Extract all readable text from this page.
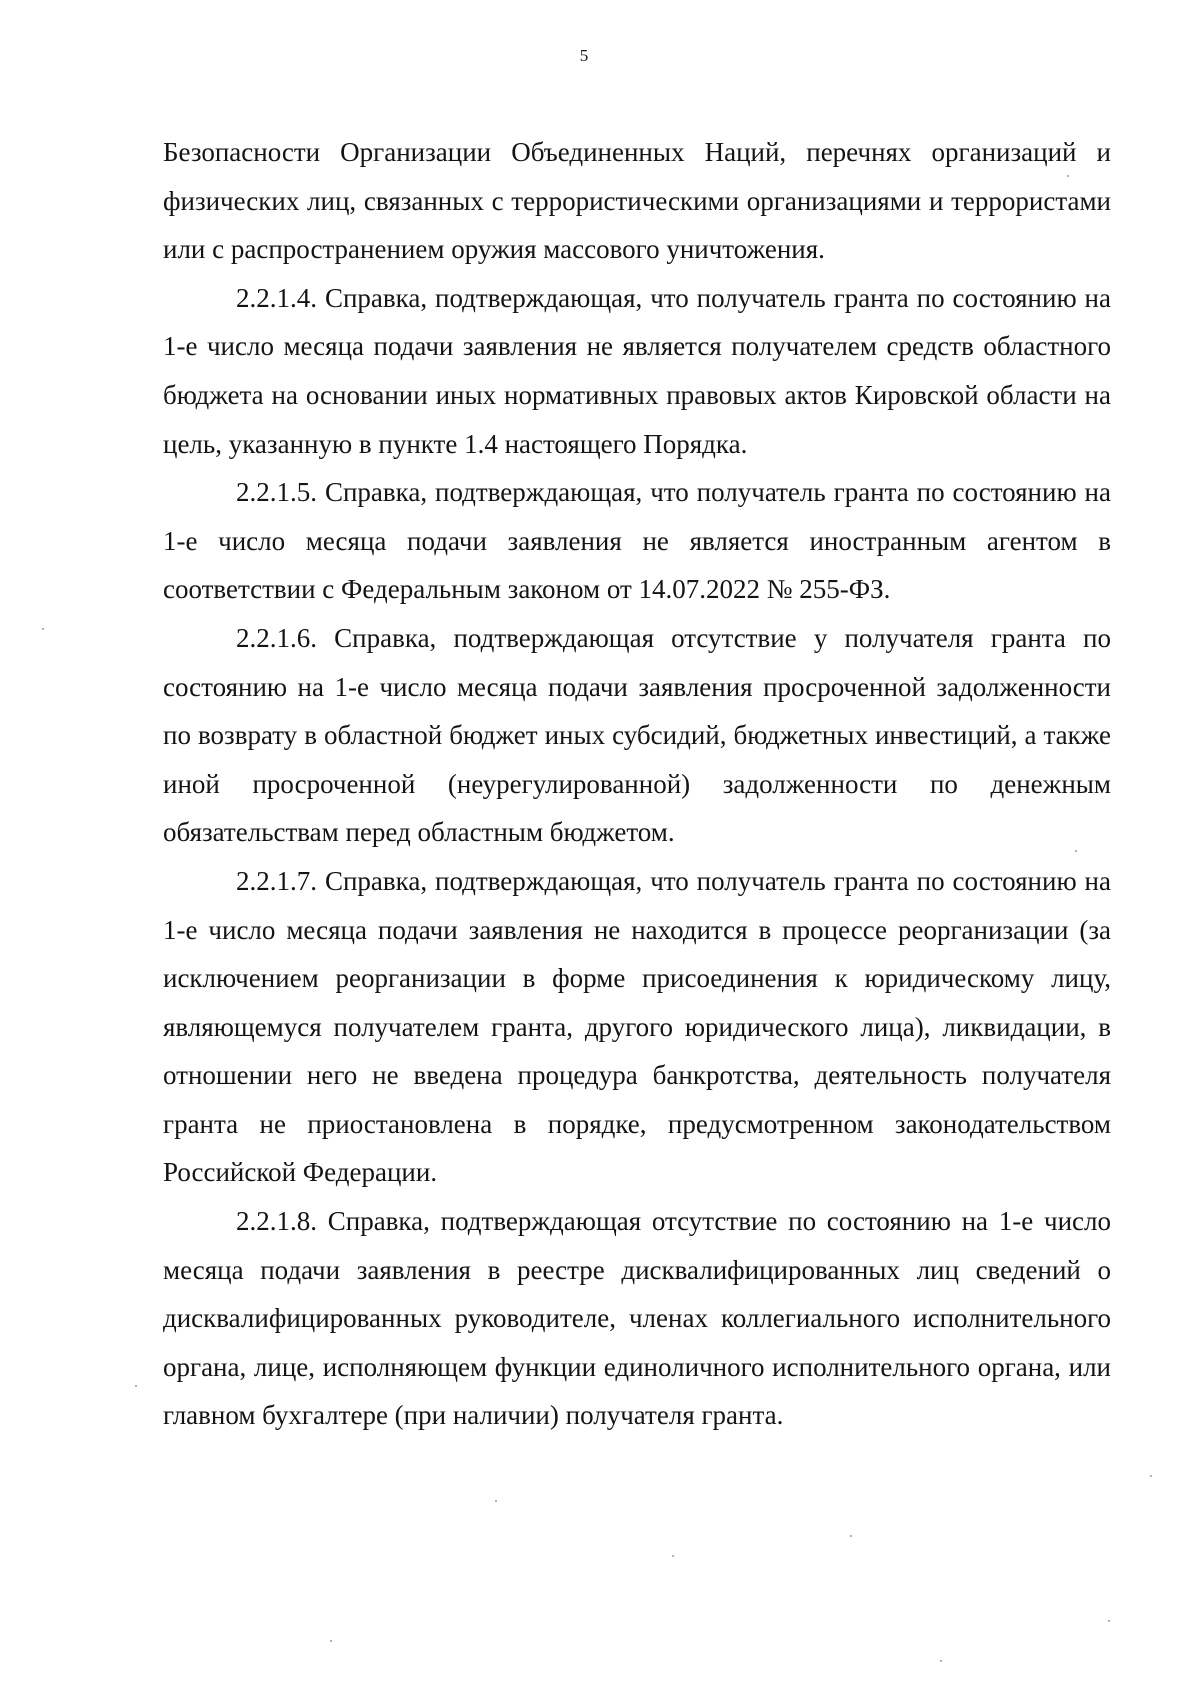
5

Безопасности Организации Объединенных Наций, перечнях организаций и физических лиц, связанных с террористическими организациями и террористами или с распространением оружия массового уничтожения.

2.2.1.4. Справка, подтверждающая, что получатель гранта по состоянию на 1-е число месяца подачи заявления не является получателем средств областного бюджета на основании иных нормативных правовых актов Кировской области на цель, указанную в пункте 1.4 настоящего Порядка.

2.2.1.5. Справка, подтверждающая, что получатель гранта по состоянию на 1-е число месяца подачи заявления не является иностранным агентом в соответствии с Федеральным законом от 14.07.2022 № 255-ФЗ.

2.2.1.6. Справка, подтверждающая отсутствие у получателя гранта по состоянию на 1-е число месяца подачи заявления просроченной задолженности по возврату в областной бюджет иных субсидий, бюджетных инвестиций, а также иной просроченной (неурегулированной) задолженности по денежным обязательствам перед областным бюджетом.

2.2.1.7. Справка, подтверждающая, что получатель гранта по состоянию на 1-е число месяца подачи заявления не находится в процессе реорганизации (за исключением реорганизации в форме присоединения к юридическому лицу, являющемуся получателем гранта, другого юридического лица), ликвидации, в отношении него не введена процедура банкротства, деятельность получателя гранта не приостановлена в порядке, предусмотренном законодательством Российской Федерации.

2.2.1.8. Справка, подтверждающая отсутствие по состоянию на 1-е число месяца подачи заявления в реестре дисквалифицированных лиц сведений о дисквалифицированных руководителе, членах коллегиального исполнительного органа, лице, исполняющем функции единоличного исполнительного органа, или главном бухгалтере (при наличии) получателя гранта.
